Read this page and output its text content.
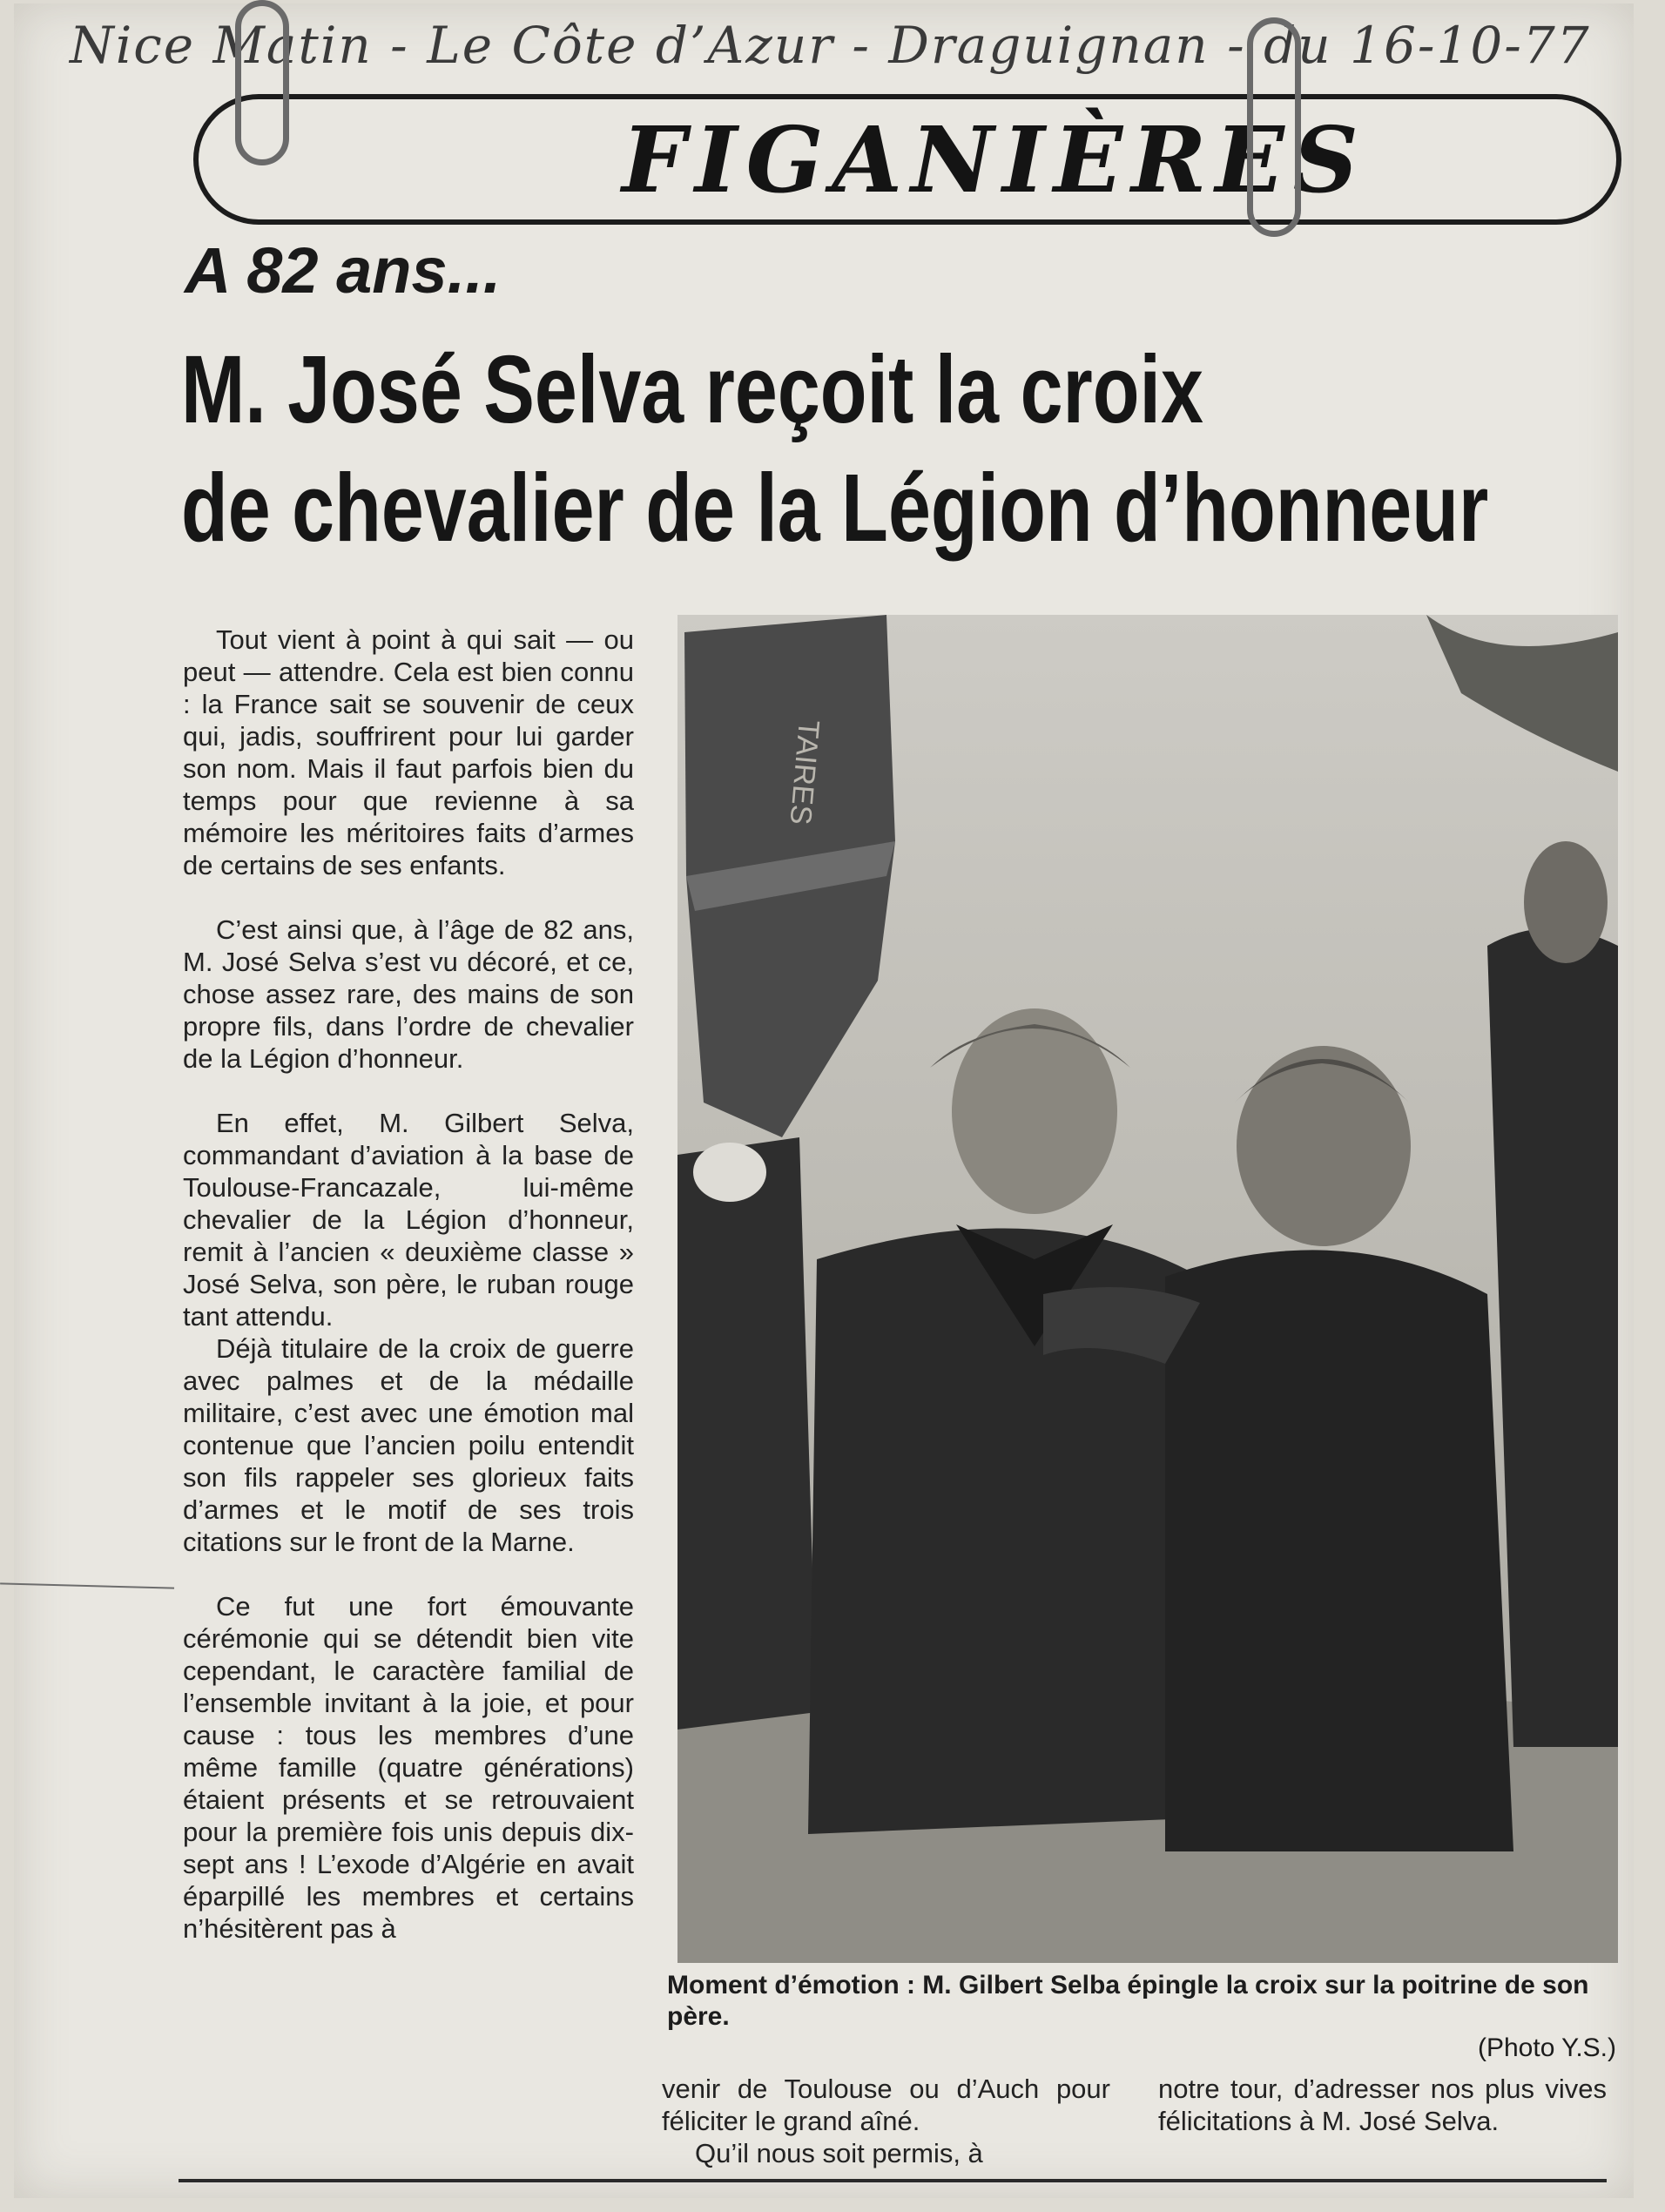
Nice Matin - Le Côte d’Azur - Draguignan - du 16-10-77
FIGANIÈRES
A 82 ans...
M. José Selva reçoit la croix
de chevalier de la Légion d’honneur

Tout vient à point à qui sait — ou peut — attendre. Cela est bien connu : la France sait se souvenir de ceux qui, jadis, souffrirent pour lui garder son nom. Mais il faut parfois bien du temps pour que revienne à sa mémoire les méritoires faits d’armes de certains de ses enfants.

C’est ainsi que, à l’âge de 82 ans, M. José Selva s’est vu décoré, et ce, chose assez rare, des mains de son propre fils, dans l’ordre de chevalier de la Légion d’honneur.

En effet, M. Gilbert Selva, commandant d’aviation à la base de Toulouse-Francazale, lui-même chevalier de la Légion d’honneur, remit à l’ancien « deuxième classe » José Selva, son père, le ruban rouge tant attendu.

Déjà titulaire de la croix de guerre avec palmes et de la médaille militaire, c’est avec une émotion mal contenue que l’ancien poilu entendit son fils rappeler ses glorieux faits d’armes et le motif de ses trois citations sur le front de la Marne.

Ce fut une fort émouvante cérémonie qui se détendit bien vite cependant, le caractère familial de l’ensemble invitant à la joie, et pour cause : tous les membres d’une même famille (quatre générations) étaient présents et se retrouvaient pour la première fois unis depuis dix-sept ans ! L’exode d’Algérie en avait éparpillé les membres et certains n’hésitèrent pas à

TAIRES
Moment d’émotion : M. Gilbert Selba épingle la croix sur la poitrine de son père.
(Photo Y.S.)

venir de Toulouse ou d’Auch pour féliciter le grand aîné.

Qu’il nous soit permis, à

notre tour, d’adresser nos plus vives félicitations à M. José Selva.
